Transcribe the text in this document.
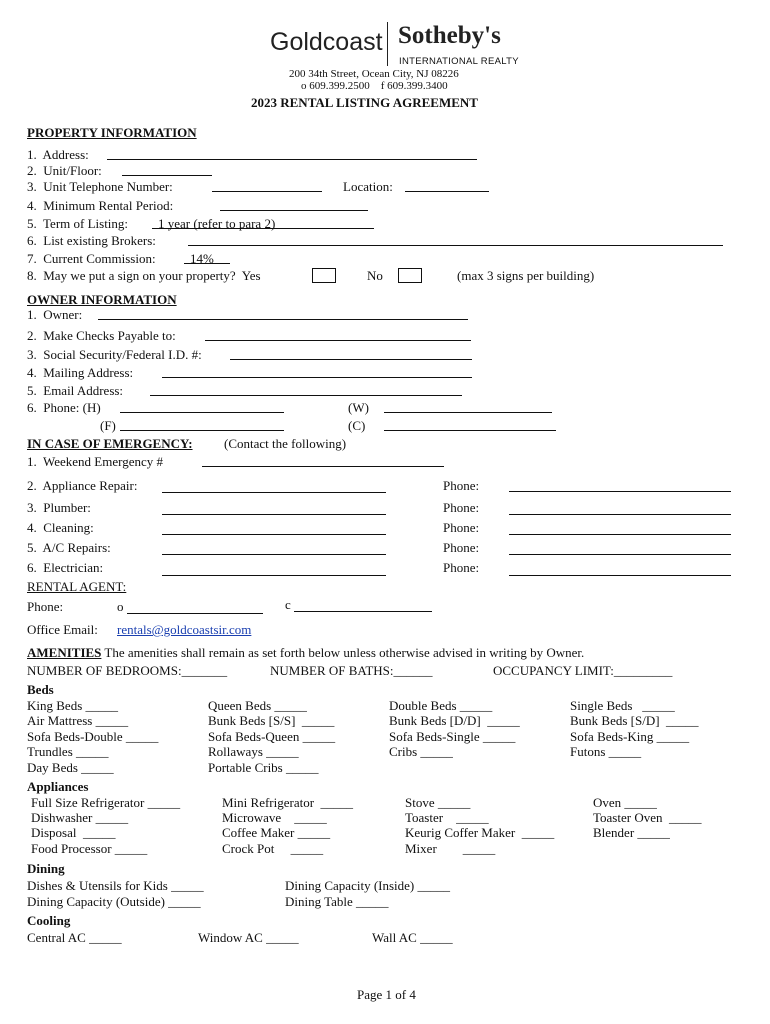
Goldcoast Sotheby's
INTERNATIONAL REALTY
200 34th Street, Ocean City, NJ 08226
o 609.399.2500    f 609.399.3400
2023 RENTAL LISTING AGREEMENT
PROPERTY INFORMATION
1.  Address:
2.  Unit/Floor:
3.  Unit Telephone Number:	Location:
4.  Minimum Rental Period:
5.  Term of Listing: 1 year (refer to para 2)
6.  List existing Brokers:
7.  Current Commission:	14%
8.  May we put a sign on your property?  Yes	No	(max 3 signs per building)
OWNER INFORMATION
1.  Owner:
2.  Make Checks Payable to:
3.  Social Security/Federal I.D. #:
4.  Mailing Address:
5.  Email Address:
6.  Phone: (H)	(W)
(F)	(C)
IN CASE OF EMERGENCY: (Contact the following)
1.  Weekend Emergency #
2.  Appliance Repair:	Phone:
3.  Plumber:	Phone:
4.  Cleaning:	Phone:
5.  A/C Repairs:	Phone:
6.  Electrician:	Phone:
RENTAL AGENT:
Phone:	o	c
Office Email: rentals@goldcoastsir.com
AMENITIES The amenities shall remain as set forth below unless otherwise advised in writing by Owner.
NUMBER OF BEDROOMS:_______	NUMBER OF BATHS:______	OCCUPANCY LIMIT:_________
Beds
King Beds _____	Queen Beds _____	Double Beds _____	Single Beds   _____
Air Mattress _____	Bunk Beds [S/S]  _____	Bunk Beds [D/D]  _____	Bunk Beds [S/D]  _____
Sofa Beds-Double _____	Sofa Beds-Queen _____	Sofa Beds-Single _____	Sofa Beds-King _____
Trundles _____	Rollaways _____	Cribs _____	Futons _____
Day Beds _____	Portable Cribs _____
Appliances
Full Size Refrigerator _____	Mini Refrigerator  _____	Stove _____	Oven _____
Dishwasher _____	Microwave    _____	Toaster    _____	Toaster Oven  _____
Disposal  _____	Coffee Maker _____	Keurig Coffer Maker  _____	Blender _____
Food Processor _____	Crock Pot     _____	Mixer        _____
Dining
Dishes & Utensils for Kids _____	Dining Capacity (Inside) _____
Dining Capacity (Outside) _____	Dining Table _____
Cooling
Central AC _____	Window AC _____	Wall AC _____
Page 1 of 4
